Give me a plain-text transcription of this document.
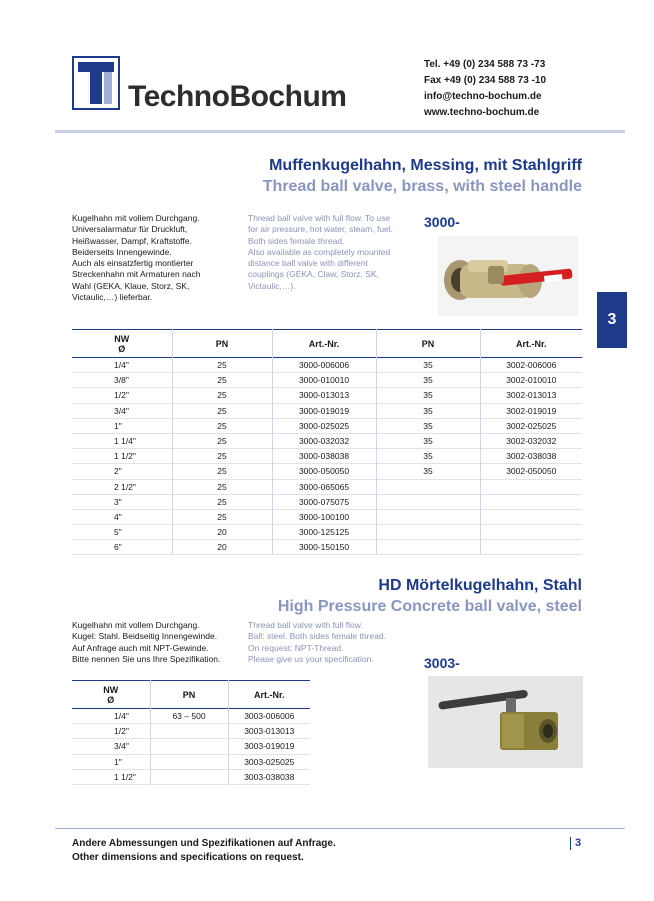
TechnoBochum
Tel. +49 (0) 234 588 73 -73
Fax +49 (0) 234 588 73 -10
info@techno-bochum.de
www.techno-bochum.de
3
Muffenkugelhahn, Messing, mit Stahlgriff
Thread ball valve, brass, with steel handle
Kugelhahn mit vollem Durchgang.
Universalarmatur für Druckluft,
Heißwasser, Dampf, Kraftstoffe.
Beiderseits Innengewinde.
Auch als einsatzfertig montierter
Streckenhahn mit Armaturen nach
Wahl (GEKA, Klaue, Storz, SK,
Victaulic,…) lieferbar.
Thread ball valve with full flow. To use
for air pressure, hot water, steam, fuel.
Both sides female thread.
Also available as completely mounted
distance ball valve with different
couplings (GEKA, Claw, Storz, SK,
Victaulic,…).
3000-
NW
Ø	PN	Art.-Nr.	PN	Art.-Nr.
1/4"	25	3000-006006	35	3002-006006
3/8"	25	3000-010010	35	3002-010010
1/2"	25	3000-013013	35	3002-013013
3/4"	25	3000-019019	35	3002-019019
1"	25	3000-025025	35	3002-025025
1 1/4"	25	3000-032032	35	3002-032032
1 1/2"	25	3000-038038	35	3002-038038
2"	25	3000-050050	35	3002-050050
2 1/2"	25	3000-065065		
3"	25	3000-075075		
4"	25	3000-100100		
5"	20	3000-125125		
6"	20	3000-150150		
HD Mörtelkugelhahn, Stahl
High Pressure Concrete ball valve, steel
Kugelhahn mit vollem Durchgang.
Kugel: Stahl. Beidseitig Innengewinde.
Auf Anfrage auch mit NPT-Gewinde.
Bitte nennen Sie uns Ihre Spezifikation.
Thread ball valve with full flow.
Ball: steel. Both sides female thread.
On request: NPT-Thread.
Please give us your specification.	3003-
NW
Ø	PN	Art.-Nr.
1/4"	63 – 500	3003-006006
1/2"		3003-013013
3/4"		3003-019019
1"		3003-025025
1 1/2"		3003-038038
Andere Abmessungen und Spezifikationen auf Anfrage.
Other dimensions and specifications on request.
3
